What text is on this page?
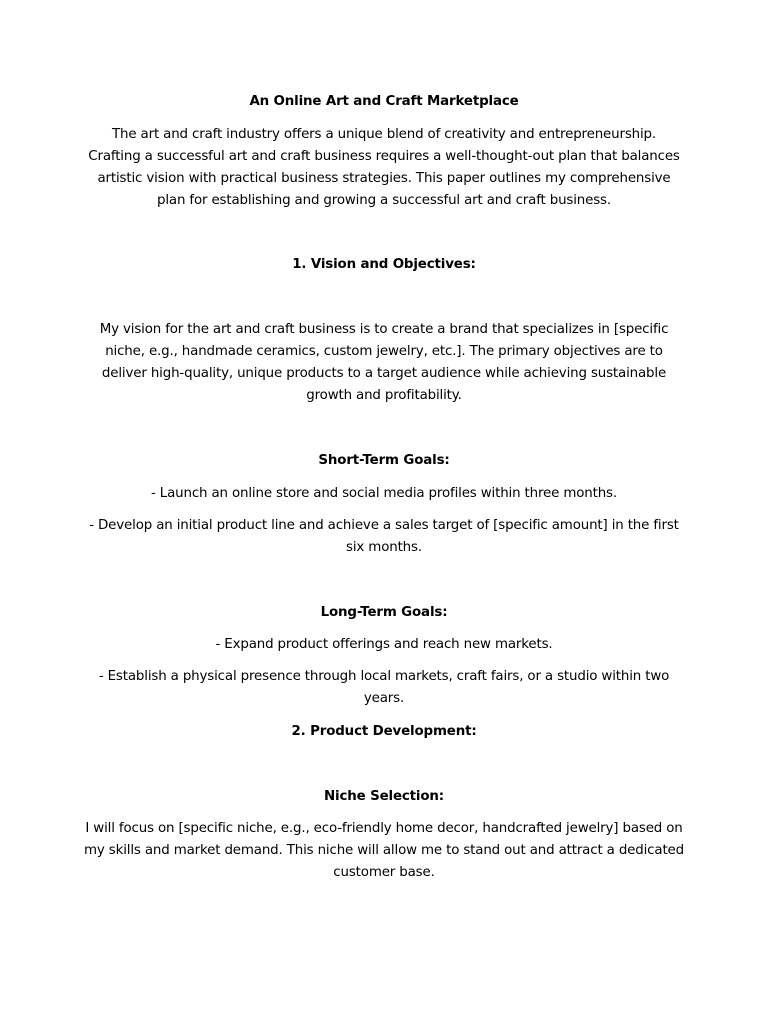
An Online Art and Craft Marketplace
The art and craft industry offers a unique blend of creativity and entrepreneurship. Crafting a successful art and craft business requires a well-thought-out plan that balances artistic vision with practical business strategies. This paper outlines my comprehensive plan for establishing and growing a successful art and craft business.
1. Vision and Objectives:
My vision for the art and craft business is to create a brand that specializes in [specific niche, e.g., handmade ceramics, custom jewelry, etc.]. The primary objectives are to deliver high-quality, unique products to a target audience while achieving sustainable growth and profitability.
Short-Term Goals:
- Launch an online store and social media profiles within three months.
- Develop an initial product line and achieve a sales target of [specific amount] in the first six months.
Long-Term Goals:
- Expand product offerings and reach new markets.
- Establish a physical presence through local markets, craft fairs, or a studio within two years.
2. Product Development:
Niche Selection:
I will focus on [specific niche, e.g., eco-friendly home decor, handcrafted jewelry] based on my skills and market demand. This niche will allow me to stand out and attract a dedicated customer base.
